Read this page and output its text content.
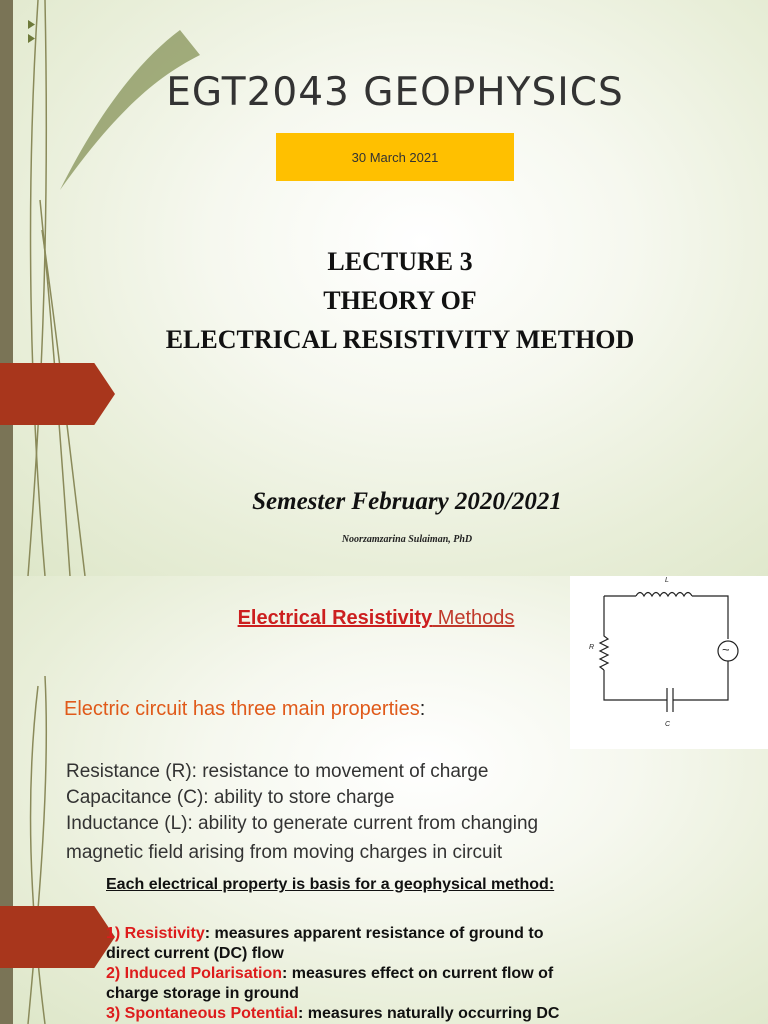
EGT2043 GEOPHYSICS
30 March 2021
LECTURE 3
THEORY OF
ELECTRICAL RESISTIVITY METHOD
Semester February 2020/2021
Noorzamzarina Sulaiman, PhD
L
R
C
~
Electrical Resistivity Methods
Electric circuit has three main properties:
Resistance (R): resistance to movement of charge
Capacitance (C): ability to store charge
Inductance (L): ability to generate current from changing
magnetic field arising from moving charges in circuit
Each electrical property is basis for a geophysical method:
1) Resistivity: measures apparent resistance of ground to
direct current (DC) flow
2) Induced Polarisation: measures effect on current flow of
charge storage in ground
3) Spontaneous Potential: measures naturally occurring DC
